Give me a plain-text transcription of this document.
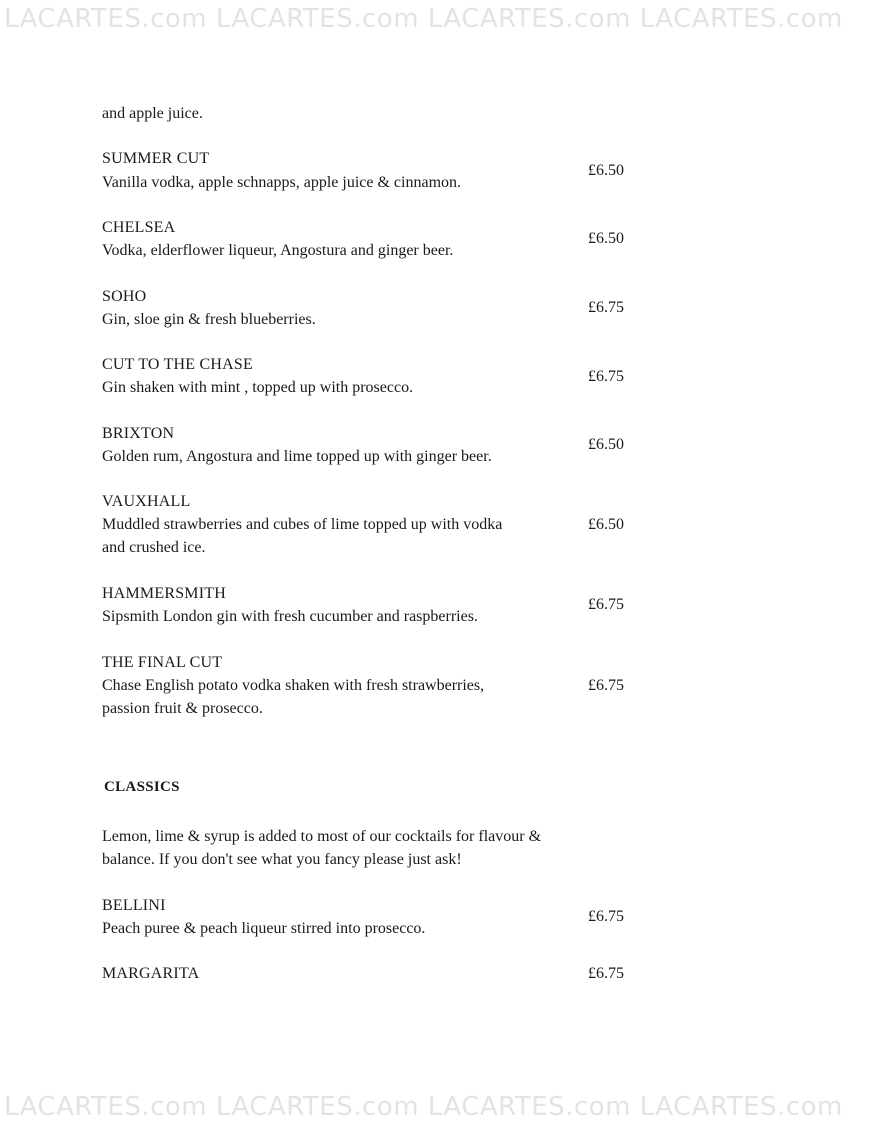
LACARTES.com LACARTES.com LACARTES.com LACARTES.com
and apple juice.
SUMMER CUT
Vanilla vodka, apple schnapps, apple juice & cinnamon.
£6.50
CHELSEA
Vodka, elderflower liqueur, Angostura and ginger beer.
£6.50
SOHO
Gin, sloe gin & fresh blueberries.
£6.75
CUT TO THE CHASE
Gin shaken with mint , topped up with prosecco.
£6.75
BRIXTON
Golden rum, Angostura and lime topped up with ginger beer.
£6.50
VAUXHALL
Muddled strawberries and cubes of lime topped up with vodka
and crushed ice.
£6.50
HAMMERSMITH
Sipsmith London gin with fresh cucumber and raspberries.
£6.75
THE FINAL CUT
Chase English potato vodka shaken with fresh strawberries,
passion fruit & prosecco.
£6.75
CLASSICS
Lemon, lime & syrup is added to most of our cocktails for flavour &
balance. If you don't see what you fancy please just ask!
BELLINI
Peach puree & peach liqueur stirred into prosecco.
£6.75
MARGARITA	£6.75
LACARTES.com LACARTES.com LACARTES.com LACARTES.com
